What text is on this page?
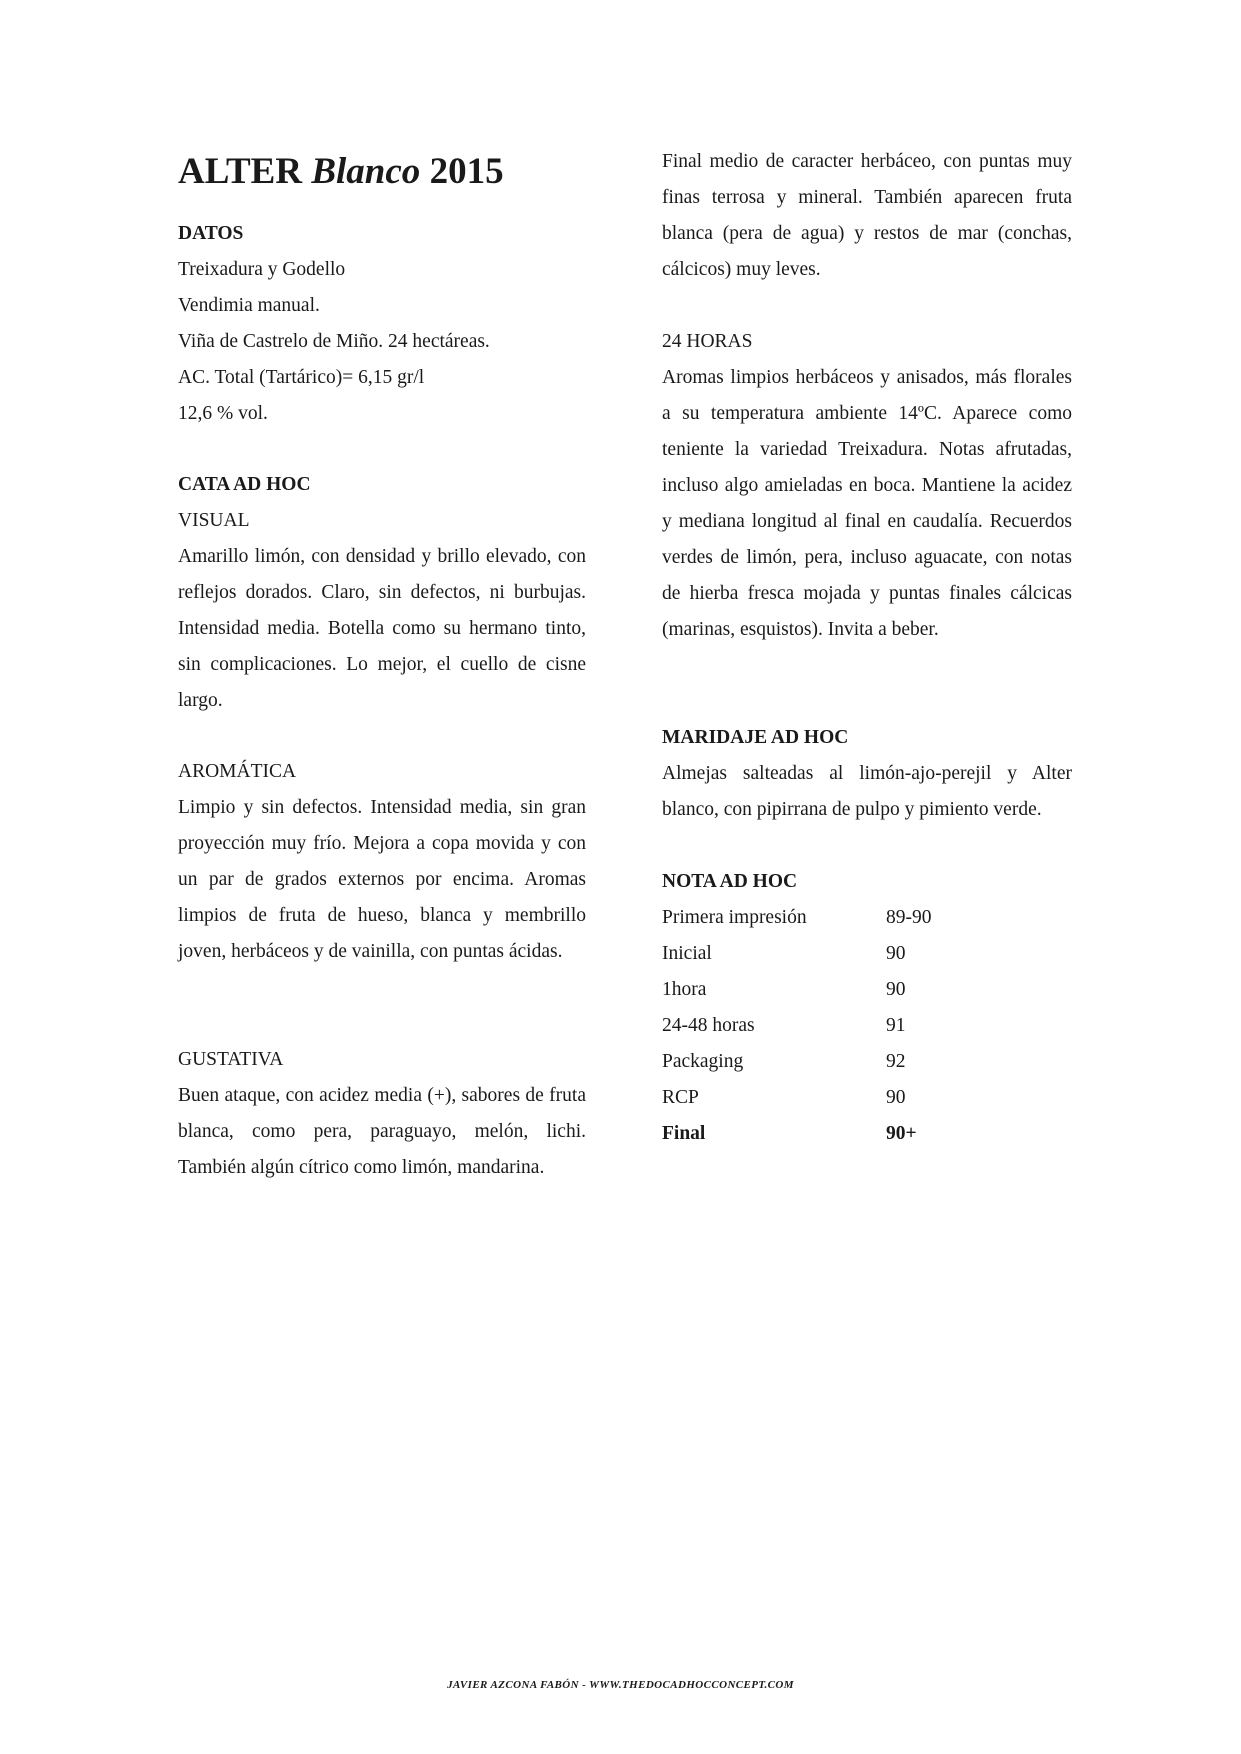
ALTER Blanco 2015
DATOS
Treixadura y Godello
Vendimia manual.
Viña de Castrelo de Miño. 24 hectáreas.
AC. Total (Tartárico)= 6,15 gr/l
12,6 % vol.
CATA AD HOC
VISUAL
Amarillo limón, con densidad y brillo elevado, con reflejos dorados. Claro, sin defectos, ni burbujas. Intensidad media. Botella como su hermano tinto, sin complicaciones. Lo mejor, el cuello de cisne largo.
AROMÁTICA
Limpio y sin defectos. Intensidad media, sin gran proyección muy frío. Mejora a copa movida y con un par de grados externos por encima. Aromas limpios de fruta de hueso, blanca y membrillo joven, herbáceos y de vainilla, con puntas ácidas.
GUSTATIVA
Buen ataque, con acidez media (+), sabores de fruta blanca, como pera, paraguayo, melón, lichi. También algún cítrico como limón, mandarina.
Final medio de caracter herbáceo, con puntas muy finas terrosa y mineral. También aparecen fruta blanca (pera de agua) y restos de mar (conchas, cálcicos) muy leves.
24 HORAS
Aromas limpios herbáceos y anisados, más florales a su temperatura ambiente 14ºC. Aparece como teniente la variedad Treixadura. Notas afrutadas, incluso algo amieladas en boca. Mantiene la acidez y mediana longitud al final en caudalía. Recuerdos verdes de limón, pera, incluso aguacate, con notas de hierba fresca mojada y puntas finales cálcicas (marinas, esquistos). Invita a beber.
MARIDAJE AD HOC
Almejas salteadas al limón-ajo-perejil y Alter blanco, con pipirrana de pulpo y pimiento verde.
NOTA AD HOC
Primera impresión	89-90
Inicial	90
1hora	90
24-48 horas	91
Packaging	92
RCP	90
Final	90+
JAVIER AZCONA FABÓN - WWW.THEDOCADHOCCONCEPT.COM
